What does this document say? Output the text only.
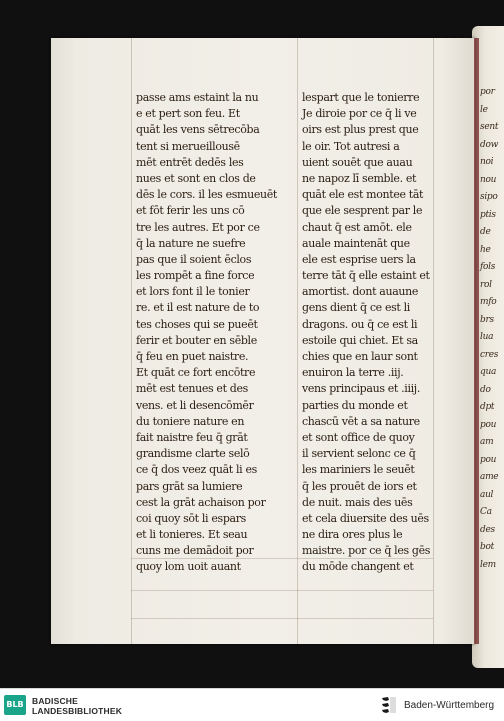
por
le
sent
dow
noi
nou
sipo
ptis
de
he
fols
rol
mfo
brs
lua
cres
qua
do
dpt
pou
am
pou
ame
aul
Ca
des
bot
lem
passe ams estaint la nu
e et pert son feu. Et
quāt les vens sētrecōba
tent si merueillousē
mēt entrēt dedēs les
nues et sont en clos de
dēs le cors. il les esmueuēt
et fōt ferir les uns cō
tre les autres. Et por ce
q̄ la nature ne suefre
pas que il soient ēclos
les rompēt a fine force
et lors font il le tonier
re. et il est nature de to
tes choses qui se pueēt
ferir et bouter en sēble
q̄ feu en puet naistre.
Et quāt ce fort encōtre
mēt est tenues et des
vens. et li desencōmēr
du toniere nature en
fait naistre feu q̄ grāt
grandisme clarte selō
ce q̄ dos veez quāt li es
pars grāt sa lumiere
cest la grāt achaison por
coi quoy sōt li espars
et li tonieres. Et seau
cuns me demādoit por
quoy lom uoit auant
lespart que le tonierre
Je diroie por ce q̄ li ve
oirs est plus prest que
le oir. Tot autresi a
uient souēt que auau
ne napoz lī semble. et
quāt ele est montee tāt
que ele sesprent par le
chaut q̄ est amōt. ele
auale maintenāt que
ele est esprise uers la
terre tāt q̄ elle estaint et
amortist. dont auaune
gens dient q̄ ce est li
dragons. ou q̄ ce est li
estoile qui chiet. Et sa
chies que en laur sont
enuiron la terre .iij.
vens principaus et .iiij.
parties du monde et
chascū vēt a sa nature
et sont office de quoy
il servient selonc ce q̄
les mariniers le seuēt
q̄ les prouēt de iors et
de nuit. mais des uēs
et cela diuersite des uēs
ne dira ores plus le
maistre. por ce q̄ les gēs
du mōde changent et
BLB BADISCHE
LANDESBIBLIOTHEK	Baden-Württemberg
